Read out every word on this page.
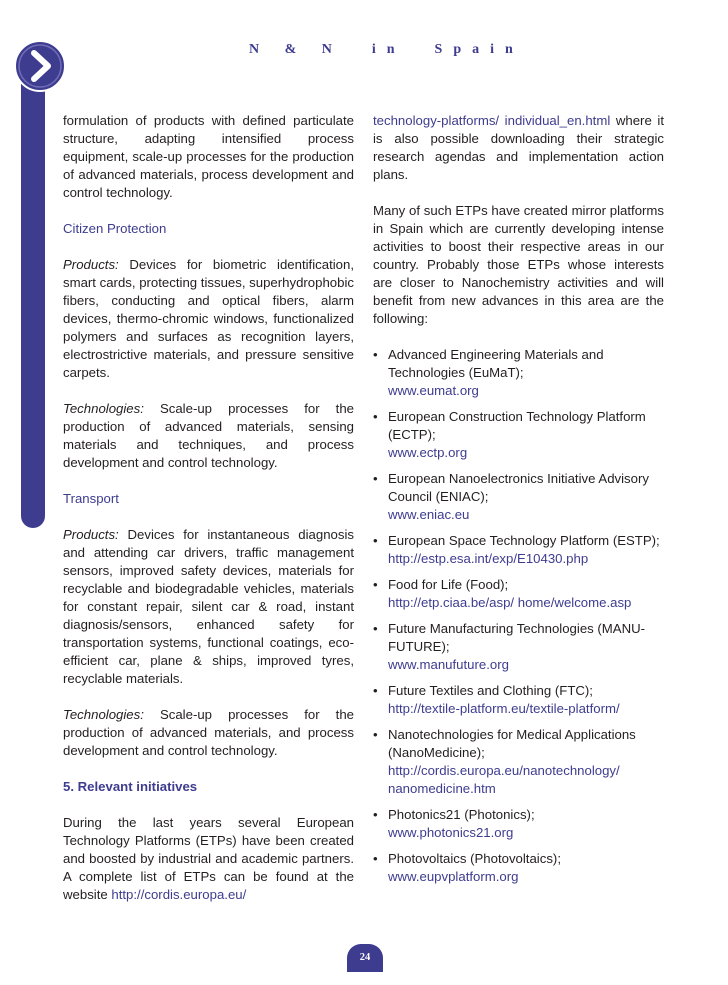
NANOCHEMISTRY
N & N  in  Spain

formulation of products with defined particulate structure, adapting intensified process equipment, scale-up processes for the production of advanced materials, process development and control technology.

Citizen Protection

Products: Devices for biometric identification, smart cards, protecting tissues, superhydrophobic fibers, conducting and optical fibers, alarm devices, thermo-chromic windows, functionalized polymers and surfaces as recognition layers, electrostrictive materials, and pressure sensitive carpets.

Technologies: Scale-up processes for the production of advanced materials, sensing materials and techniques, and process development and control technology.

Transport

Products: Devices for instantaneous diagnosis and attending car drivers, traffic management sensors, improved safety devices, materials for recyclable and biodegradable vehicles, materials for constant repair, silent car & road, instant diagnosis/sensors, enhanced safety for transportation systems, functional coatings, eco-efficient car, plane & ships, improved tyres, recyclable materials.

Technologies: Scale-up processes for the production of advanced materials, and process development and control technology.

5. Relevant initiatives

During the last years several European Technology Platforms (ETPs) have been created and boosted by industrial and academic partners. A complete list of ETPs can be found at the website http://cordis.europa.eu/

technology-platforms/ individual_en.html where it is also possible downloading their strategic research agendas and implementation action plans.

Many of such ETPs have created mirror platforms in Spain which are currently developing intense activities to boost their respective areas in our country. Probably those ETPs whose interests are closer to Nanochemistry activities and will benefit from new advances in this area are the following:

• Advanced Engineering Materials and Technologies (EuMaT);
www.eumat.org
• European Construction Technology Platform (ECTP);
www.ectp.org
• European Nanoelectronics Initiative Advisory Council (ENIAC);
www.eniac.eu
• European Space Technology Platform (ESTP);
http://estp.esa.int/exp/E10430.php
• Food for Life (Food);
http://etp.ciaa.be/asp/ home/welcome.asp
• Future Manufacturing Technologies (MANU-FUTURE);
www.manufuture.org
• Future Textiles and Clothing (FTC);
http://textile-platform.eu/textile-platform/
• Nanotechnologies for Medical Applications (NanoMedicine);
http://cordis.europa.eu/nanotechnology/ nanomedicine.htm
• Photonics21 (Photonics);
www.photonics21.org
• Photovoltaics (Photovoltaics);
www.eupvplatform.org
24
